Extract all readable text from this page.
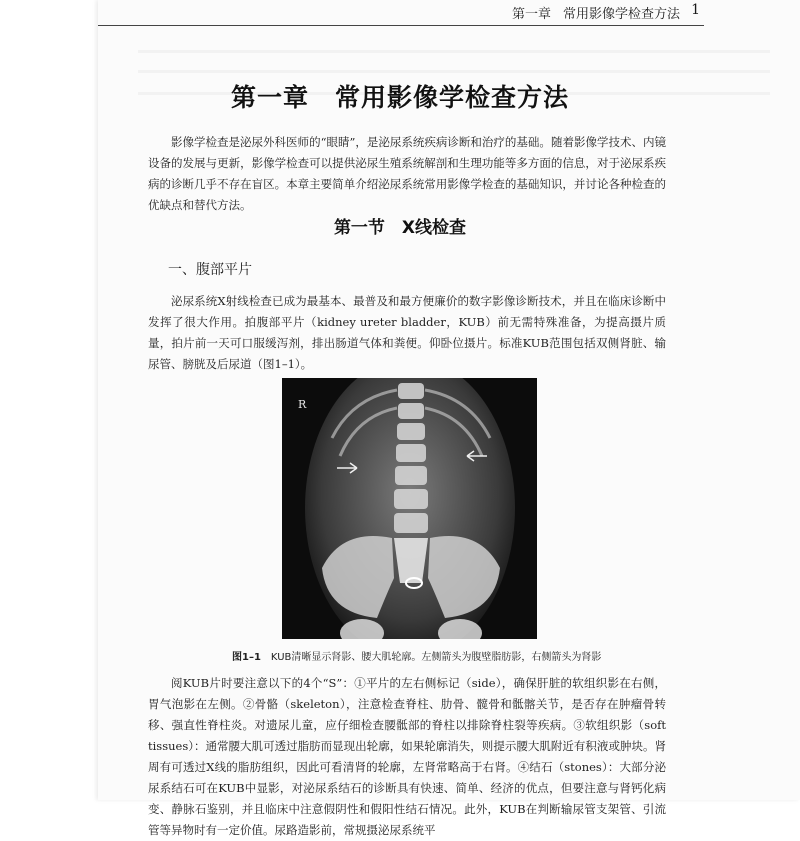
第一章 常用影像学检查方法 1
第一章　常用影像学检查方法

影像学检查是泌尿外科医师的“眼睛”，是泌尿系统疾病诊断和治疗的基础。随着影像学技术、内镜设备的发展与更新，影像学检查可以提供泌尿生殖系统解剖和生理功能等多方面的信息，对于泌尿系疾病的诊断几乎不存在盲区。本章主要简单介绍泌尿系统常用影像学检查的基础知识，并讨论各种检查的优缺点和替代方法。

第一节　X线检查
一、腹部平片

泌尿系统X射线检查已成为最基本、最普及和最方便廉价的数字影像诊断技术，并且在临床诊断中发挥了很大作用。拍腹部平片（kidney ureter bladder，KUB）前无需特殊准备，为提高摄片质量，拍片前一天可口服缓泻剂，排出肠道气体和粪便。仰卧位摄片。标准KUB范围包括双侧肾脏、输尿管、膀胱及后尿道（图1–1）。

R
图1–1 KUB清晰显示肾影、腰大肌轮廓。左侧箭头为腹壁脂肪影，右侧箭头为肾影

阅KUB片时要注意以下的4个“S”：①平片的左右侧标记（side），确保肝脏的软组织影在右侧，胃气泡影在左侧。②骨骼（skeleton），注意检查脊柱、肋骨、髋骨和骶髂关节，是否存在肿瘤骨转移、强直性脊柱炎。对遗尿儿童，应仔细检查腰骶部的脊柱以排除脊柱裂等疾病。③软组织影（soft tissues）：通常腰大肌可透过脂肪而显现出轮廓，如果轮廓消失，则提示腰大肌附近有积液或肿块。肾周有可透过X线的脂肪组织，因此可看清肾的轮廓，左肾常略高于右肾。④结石（stones）：大部分泌尿系结石可在KUB中显影，对泌尿系结石的诊断具有快速、简单、经济的优点，但要注意与肾钙化病变、静脉石鉴别，并且临床中注意假阴性和假阳性结石情况。此外，KUB在判断输尿管支架管、引流管等异物时有一定价值。尿路造影前，常规摄泌尿系统平
